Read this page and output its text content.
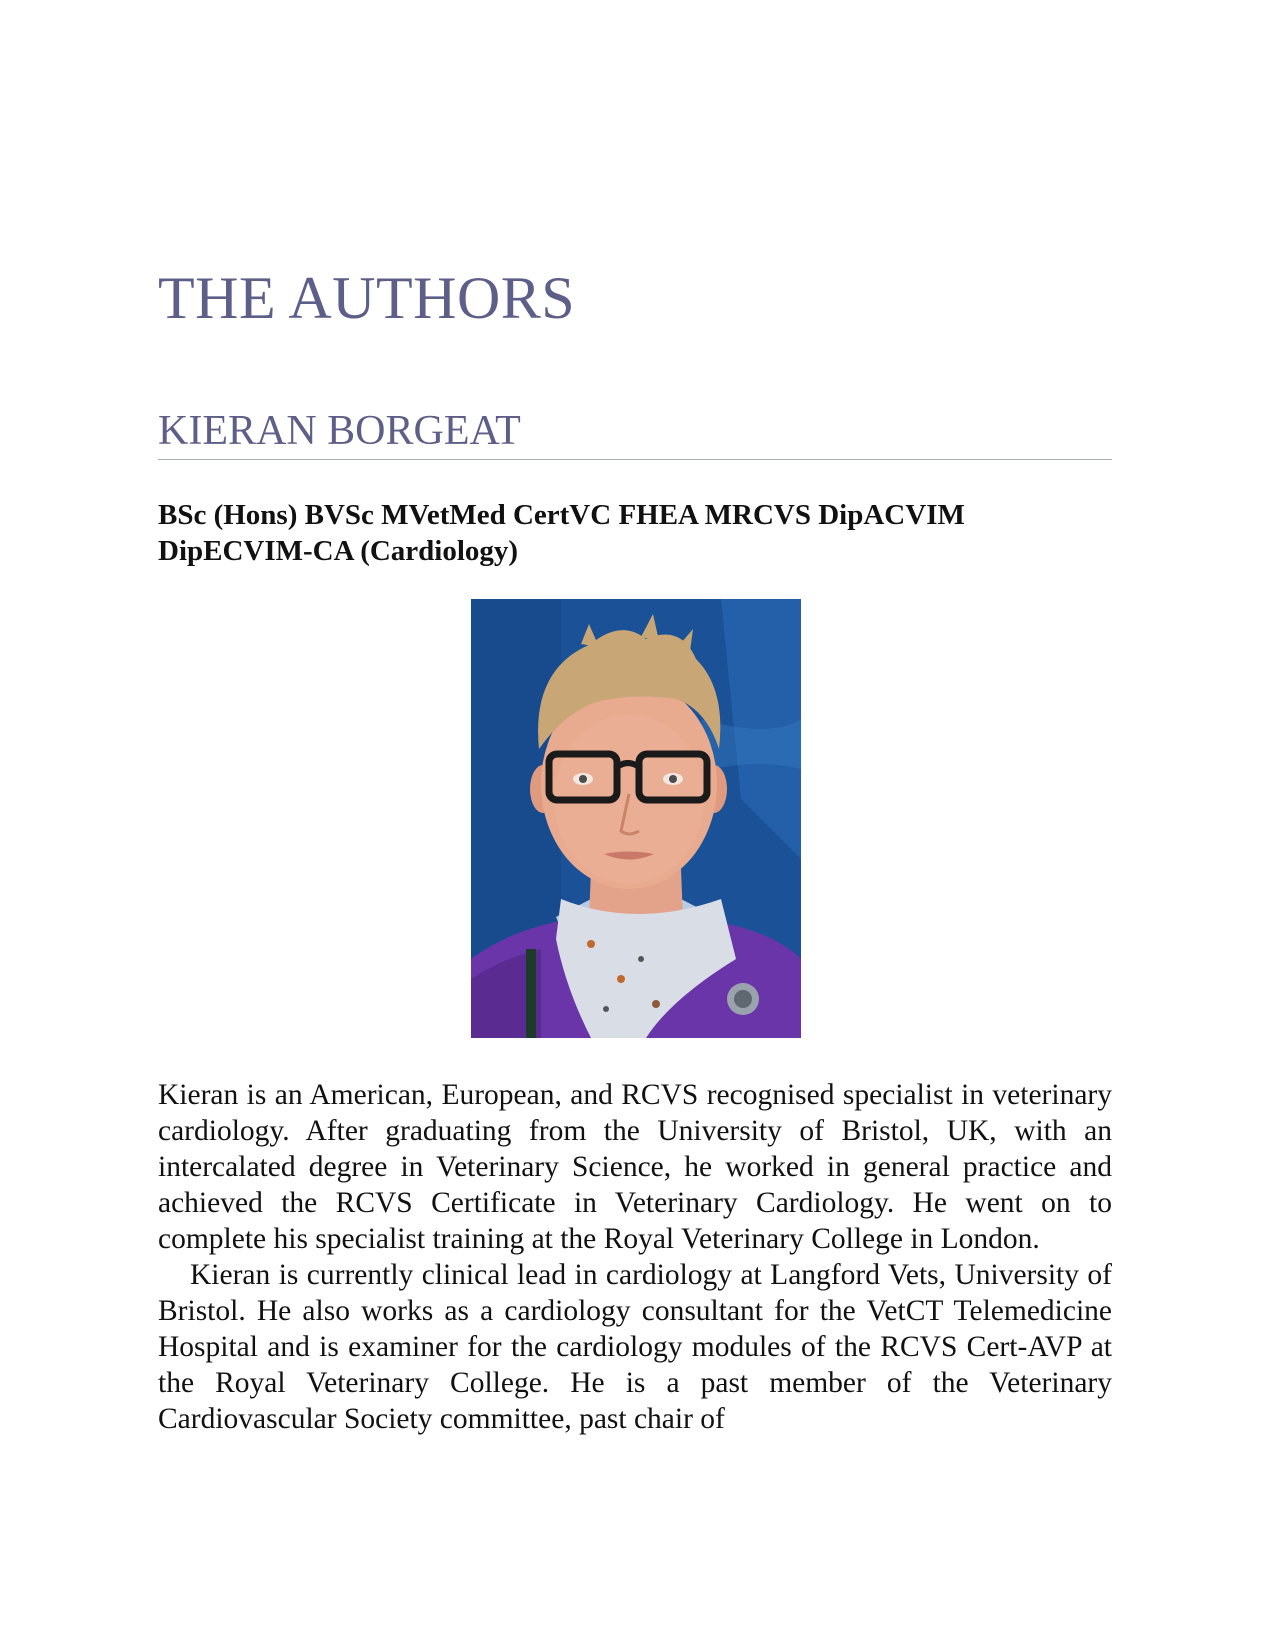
THE AUTHORS
KIERAN BORGEAT

BSc (Hons) BVSc MVetMed CertVC FHEA MRCVS DipACVIM DipECVIM-CA (Cardiology)

Kieran is an American, European, and RCVS recognised specialist in veterinary cardiology. After graduating from the University of Bristol, UK, with an intercalated degree in Veterinary Science, he worked in general practice and achieved the RCVS Certificate in Veterinary Cardiology. He went on to complete his specialist training at the Royal Veterinary College in London.

Kieran is currently clinical lead in cardiology at Langford Vets, University of Bristol. He also works as a cardiology consultant for the VetCT Telemedicine Hospital and is examiner for the cardiology modules of the RCVS Cert-AVP at the Royal Veterinary College. He is a past member of the Veterinary Cardiovascular Society committee, past chair of
